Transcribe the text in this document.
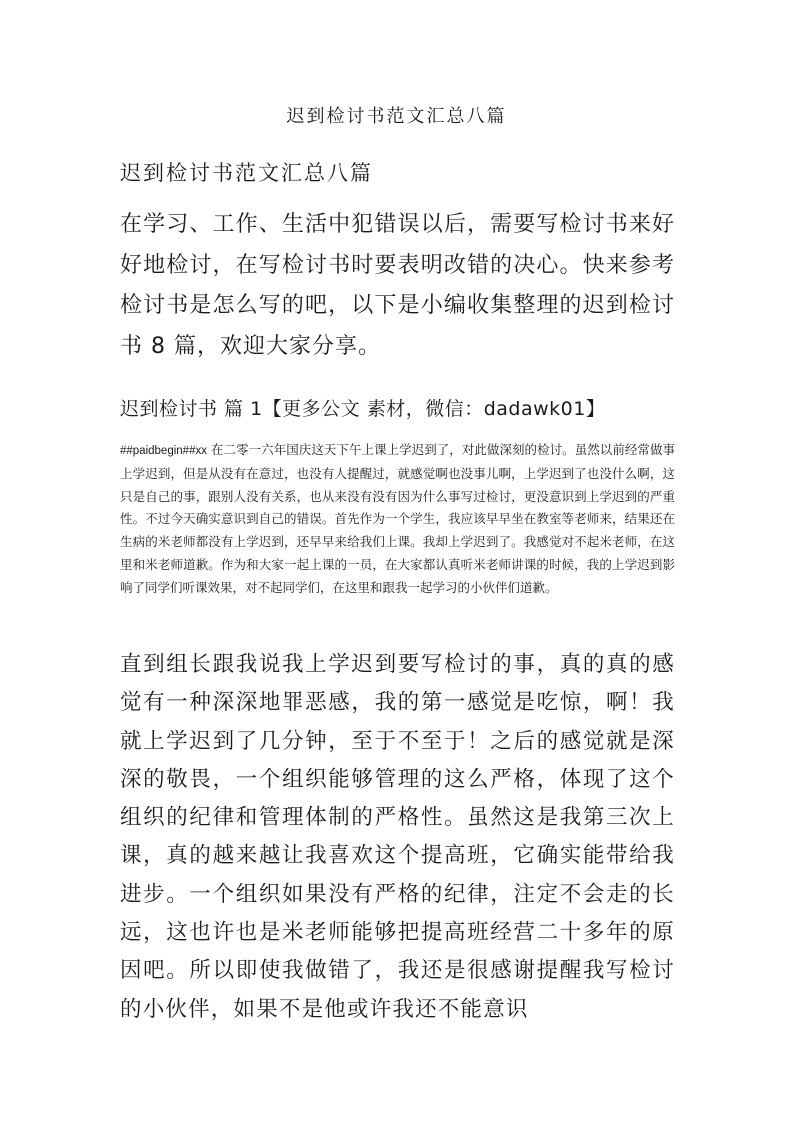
迟到检讨书范文汇总八篇
迟到检讨书范文汇总八篇

在学习、工作、生活中犯错误以后，需要写检讨书来好好地检讨，在写检讨书时要表明改错的决心。快来参考检讨书是怎么写的吧，以下是小编收集整理的迟到检讨书 8 篇，欢迎大家分享。

迟到检讨书 篇 1【更多公文 素材，微信：dadawk01】

##paidbegin##xx 在二零一六年国庆这天下午上课上学迟到了，对此做深刻的检讨。虽然以前经常做事上学迟到，但是从没有在意过，也没有人提醒过，就感觉啊也没事儿啊，上学迟到了也没什么啊，这只是自己的事，跟别人没有关系，也从来没有没有因为什么事写过检讨，更没意识到上学迟到的严重性。不过今天确实意识到自己的错误。首先作为一个学生，我应该早早坐在教室等老师来，结果还在生病的米老师都没有上学迟到，还早早来给我们上课。我却上学迟到了。我感觉对不起米老师，在这里和米老师道歉。作为和大家一起上课的一员，在大家都认真听米老师讲课的时候，我的上学迟到影响了同学们听课效果，对不起同学们，在这里和跟我一起学习的小伙伴们道歉。

直到组长跟我说我上学迟到要写检讨的事，真的真的感觉有一种深深地罪恶感，我的第一感觉是吃惊，啊！我就上学迟到了几分钟，至于不至于！之后的感觉就是深深的敬畏，一个组织能够管理的这么严格，体现了这个组织的纪律和管理体制的严格性。虽然这是我第三次上课，真的越来越让我喜欢这个提高班，它确实能带给我进步。一个组织如果没有严格的纪律，注定不会走的长远，这也许也是米老师能够把提高班经营二十多年的原因吧。所以即使我做错了，我还是很感谢提醒我写检讨的小伙伴，如果不是他或许我还不能意识
